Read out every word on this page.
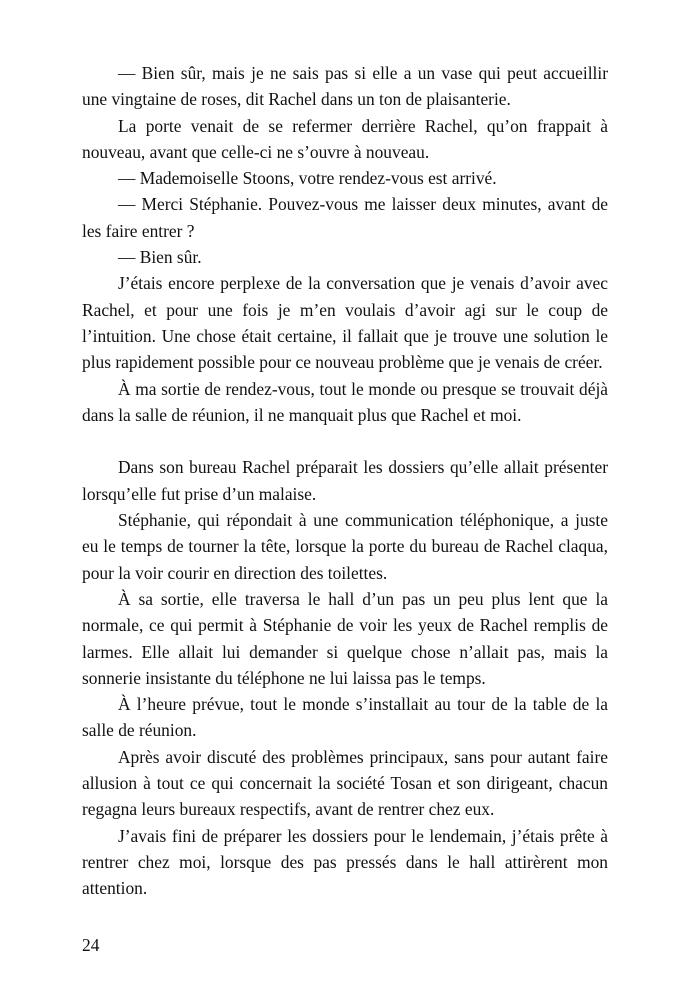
— Bien sûr, mais je ne sais pas si elle a un vase qui peut accueillir une vingtaine de roses, dit Rachel dans un ton de plaisanterie.

La porte venait de se refermer derrière Rachel, qu’on frappait à nouveau, avant que celle-ci ne s’ouvre à nouveau.

— Mademoiselle Stoons, votre rendez-vous est arrivé.

— Merci Stéphanie. Pouvez-vous me laisser deux minutes, avant de les faire entrer ?

— Bien sûr.

J’étais encore perplexe de la conversation que je venais d’avoir avec Rachel, et pour une fois je m’en voulais d’avoir agi sur le coup de l’intuition. Une chose était certaine, il fallait que je trouve une solution le plus rapidement possible pour ce nouveau problème que je venais de créer.

À ma sortie de rendez-vous, tout le monde ou presque se trouvait déjà dans la salle de réunion, il ne manquait plus que Rachel et moi.

Dans son bureau Rachel préparait les dossiers qu’elle allait présenter lorsqu’elle fut prise d’un malaise.

Stéphanie, qui répondait à une communication téléphonique, a juste eu le temps de tourner la tête, lorsque la porte du bureau de Rachel claqua, pour la voir courir en direction des toilettes.

À sa sortie, elle traversa le hall d’un pas un peu plus lent que la normale, ce qui permit à Stéphanie de voir les yeux de Rachel remplis de larmes. Elle allait lui demander si quelque chose n’allait pas, mais la sonnerie insistante du téléphone ne lui laissa pas le temps.

À l’heure prévue, tout le monde s’installait au tour de la table de la salle de réunion.

Après avoir discuté des problèmes principaux, sans pour autant faire allusion à tout ce qui concernait la société Tosan et son dirigeant, chacun regagna leurs bureaux respectifs, avant de rentrer chez eux.

J’avais fini de préparer les dossiers pour le lendemain, j’étais prête à rentrer chez moi, lorsque des pas pressés dans le hall attirèrent mon attention.

24
